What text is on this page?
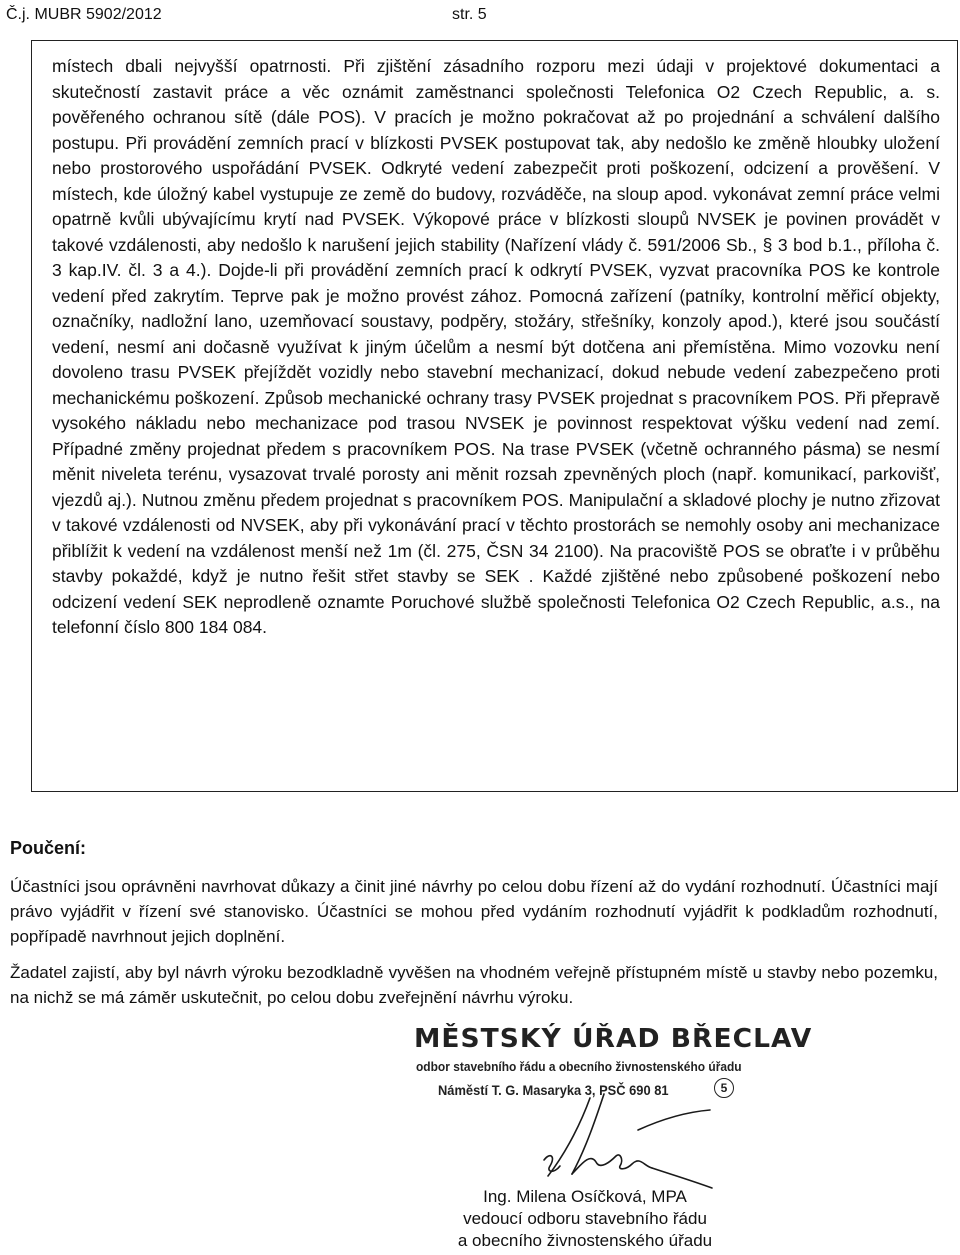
Č.j. MUBR 5902/2012	str. 5

místech dbali nejvyšší opatrnosti. Při zjištění zásadního rozporu mezi údaji v projektové dokumentaci a skutečností zastavit práce a věc oznámit zaměstnanci společnosti Telefonica O2 Czech Republic, a. s. pověřeného ochranou sítě (dále POS). V pracích je možno pokračovat až po projednání a schválení dalšího postupu. Při provádění zemních prací v blízkosti PVSEK postupovat tak, aby nedošlo ke změně hloubky uložení nebo prostorového uspořádání PVSEK. Odkryté vedení zabezpečit proti poškození, odcizení a prověšení. V místech, kde úložný kabel vystupuje ze země do budovy, rozváděče, na sloup apod. vykonávat zemní práce velmi opatrně kvůli ubývajícímu krytí nad PVSEK. Výkopové práce v blízkosti sloupů NVSEK je povinen provádět v takové vzdálenosti, aby nedošlo k narušení jejich stability (Nařízení vlády č. 591/2006 Sb., § 3 bod b.1., příloha č. 3 kap.IV. čl. 3 a 4.). Dojde-li při provádění zemních prací k odkrytí PVSEK, vyzvat pracovníka POS ke kontrole vedení před zakrytím. Teprve pak je možno provést zához. Pomocná zařízení (patníky, kontrolní měřicí objekty, označníky, nadložní lano, uzemňovací soustavy, podpěry, stožáry, střešníky, konzoly apod.), které jsou součástí vedení, nesmí ani dočasně využívat k jiným účelům a nesmí být dotčena ani přemístěna. Mimo vozovku není dovoleno trasu PVSEK přejíždět vozidly nebo stavební mechanizací, dokud nebude vedení zabezpečeno proti mechanickému poškození. Způsob mechanické ochrany trasy PVSEK projednat s pracovníkem POS. Při přepravě vysokého nákladu nebo mechanizace pod trasou NVSEK je povinnost respektovat výšku vedení nad zemí. Případné změny projednat předem s pracovníkem POS. Na trase PVSEK (včetně ochranného pásma) se nesmí měnit niveleta terénu, vysazovat trvalé porosty ani měnit rozsah zpevněných ploch (např. komunikací, parkovišť, vjezdů aj.). Nutnou změnu předem projednat s pracovníkem POS. Manipulační a skladové plochy je nutno zřizovat v takové vzdálenosti od NVSEK, aby při vykonávání prací v těchto prostorách se nemohly osoby ani mechanizace přiblížit k vedení na vzdálenost menší než 1m (čl. 275, ČSN 34 2100). Na pracoviště POS se obraťte i v průběhu stavby pokaždé, když je nutno řešit střet stavby se SEK . Každé zjištěné nebo způsobené poškození nebo odcizení vedení SEK neprodleně oznamte Poruchové službě společnosti Telefonica O2 Czech Republic, a.s., na telefonní číslo 800 184 084.

Poučení:

Účastníci jsou oprávněni navrhovat důkazy a činit jiné návrhy po celou dobu řízení až do vydání rozhodnutí. Účastníci mají právo vyjádřit v řízení své stanovisko. Účastníci se mohou před vydáním rozhodnutí vyjádřit k podkladům rozhodnutí, popřípadě navrhnout jejich doplnění.

Žadatel zajistí, aby byl návrh výroku bezodkladně vyvěšen na vhodném veřejně přístupném místě u stavby nebo pozemku, na nichž se má záměr uskutečnit, po celou dobu zveřejnění návrhu výroku.

MĚSTSKÝ ÚŘAD BŘECLAV
odbor stavebního řádu a obecního živnostenského úřadu
Náměstí T. G. Masaryka 3, PSČ 690 81	5
Ing. Milena Osíčková, MPA
vedoucí odboru stavebního řádu
a obecního živnostenského úřadu
